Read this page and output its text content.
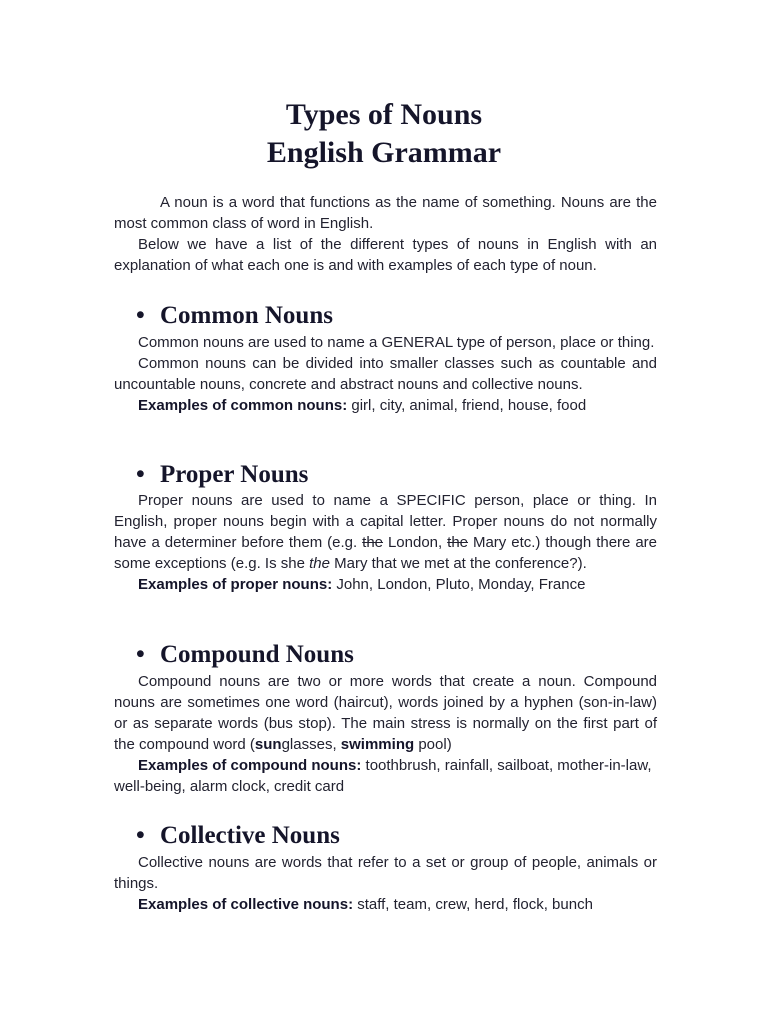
Types of Nouns
English Grammar

A noun is a word that functions as the name of something. Nouns are the most common class of word in English.

Below we have a list of the different types of nouns in English with an explanation of what each one is and with examples of each type of noun.

• Common Nouns

Common nouns are used to name a GENERAL type of person, place or thing.

Common nouns can be divided into smaller classes such as countable and uncountable nouns, concrete and abstract nouns and collective nouns.

Examples of common nouns: girl, city, animal, friend, house, food

• Proper Nouns

Proper nouns are used to name a SPECIFIC person, place or thing. In English, proper nouns begin with a capital letter. Proper nouns do not normally have a determiner before them (e.g. the London, the Mary etc.) though there are some exceptions (e.g. Is she the Mary that we met at the conference?).

Examples of proper nouns: John, London, Pluto, Monday, France

• Compound Nouns

Compound nouns are two or more words that create a noun. Compound nouns are sometimes one word (haircut), words joined by a hyphen (son-in-law) or as separate words (bus stop). The main stress is normally on the first part of the compound word (sunglasses, swimming pool)

Examples of compound nouns: toothbrush, rainfall, sailboat, mother-in-law, well-being, alarm clock, credit card

• Collective Nouns

Collective nouns are words that refer to a set or group of people, animals or things.

Examples of collective nouns: staff, team, crew, herd, flock, bunch
